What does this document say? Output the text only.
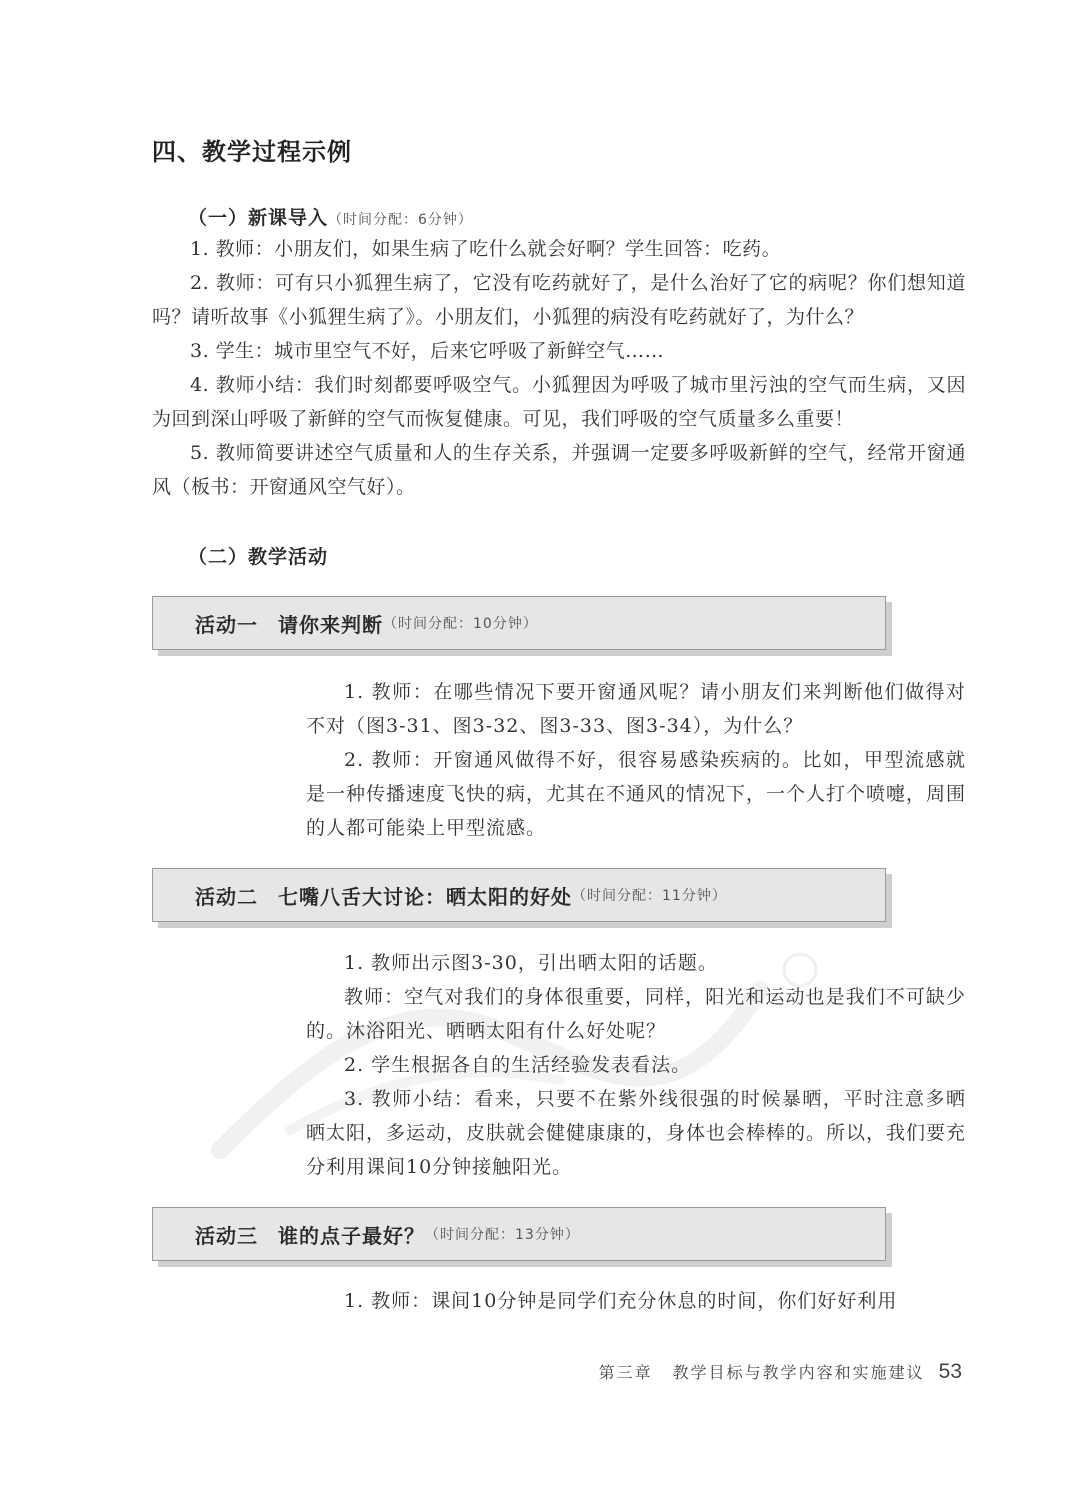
四、教学过程示例
（一）新课导入（时间分配：6分钟）

1. 教师：小朋友们，如果生病了吃什么就会好啊？学生回答：吃药。

2. 教师：可有只小狐狸生病了，它没有吃药就好了，是什么治好了它的病呢？你们想知道吗？请听故事《小狐狸生病了》。小朋友们，小狐狸的病没有吃药就好了，为什么？

3. 学生：城市里空气不好，后来它呼吸了新鲜空气……

4. 教师小结：我们时刻都要呼吸空气。小狐狸因为呼吸了城市里污浊的空气而生病，又因为回到深山呼吸了新鲜的空气而恢复健康。可见，我们呼吸的空气质量多么重要！

5. 教师简要讲述空气质量和人的生存关系，并强调一定要多呼吸新鲜的空气，经常开窗通风（板书：开窗通风空气好）。

（二）教学活动
活动一 请你来判断 （时间分配：10分钟）

1. 教师：在哪些情况下要开窗通风呢？请小朋友们来判断他们做得对不对（图3-31、图3-32、图3-33、图3-34），为什么？

2. 教师：开窗通风做得不好，很容易感染疾病的。比如，甲型流感就是一种传播速度飞快的病，尤其在不通风的情况下，一个人打个喷嚏，周围的人都可能染上甲型流感。

活动二 七嘴八舌大讨论：晒太阳的好处 （时间分配：11分钟）

1. 教师出示图3-30，引出晒太阳的话题。

教师：空气对我们的身体很重要，同样，阳光和运动也是我们不可缺少的。沐浴阳光、晒晒太阳有什么好处呢？

2. 学生根据各自的生活经验发表看法。

3. 教师小结：看来，只要不在紫外线很强的时候暴晒，平时注意多晒晒太阳，多运动，皮肤就会健健康康的，身体也会棒棒的。所以，我们要充分利用课间10分钟接触阳光。

活动三 谁的点子最好？ （时间分配：13分钟）

1. 教师：课间10分钟是同学们充分休息的时间，你们好好利用

第三章 教学目标与教学内容和实施建议 53
